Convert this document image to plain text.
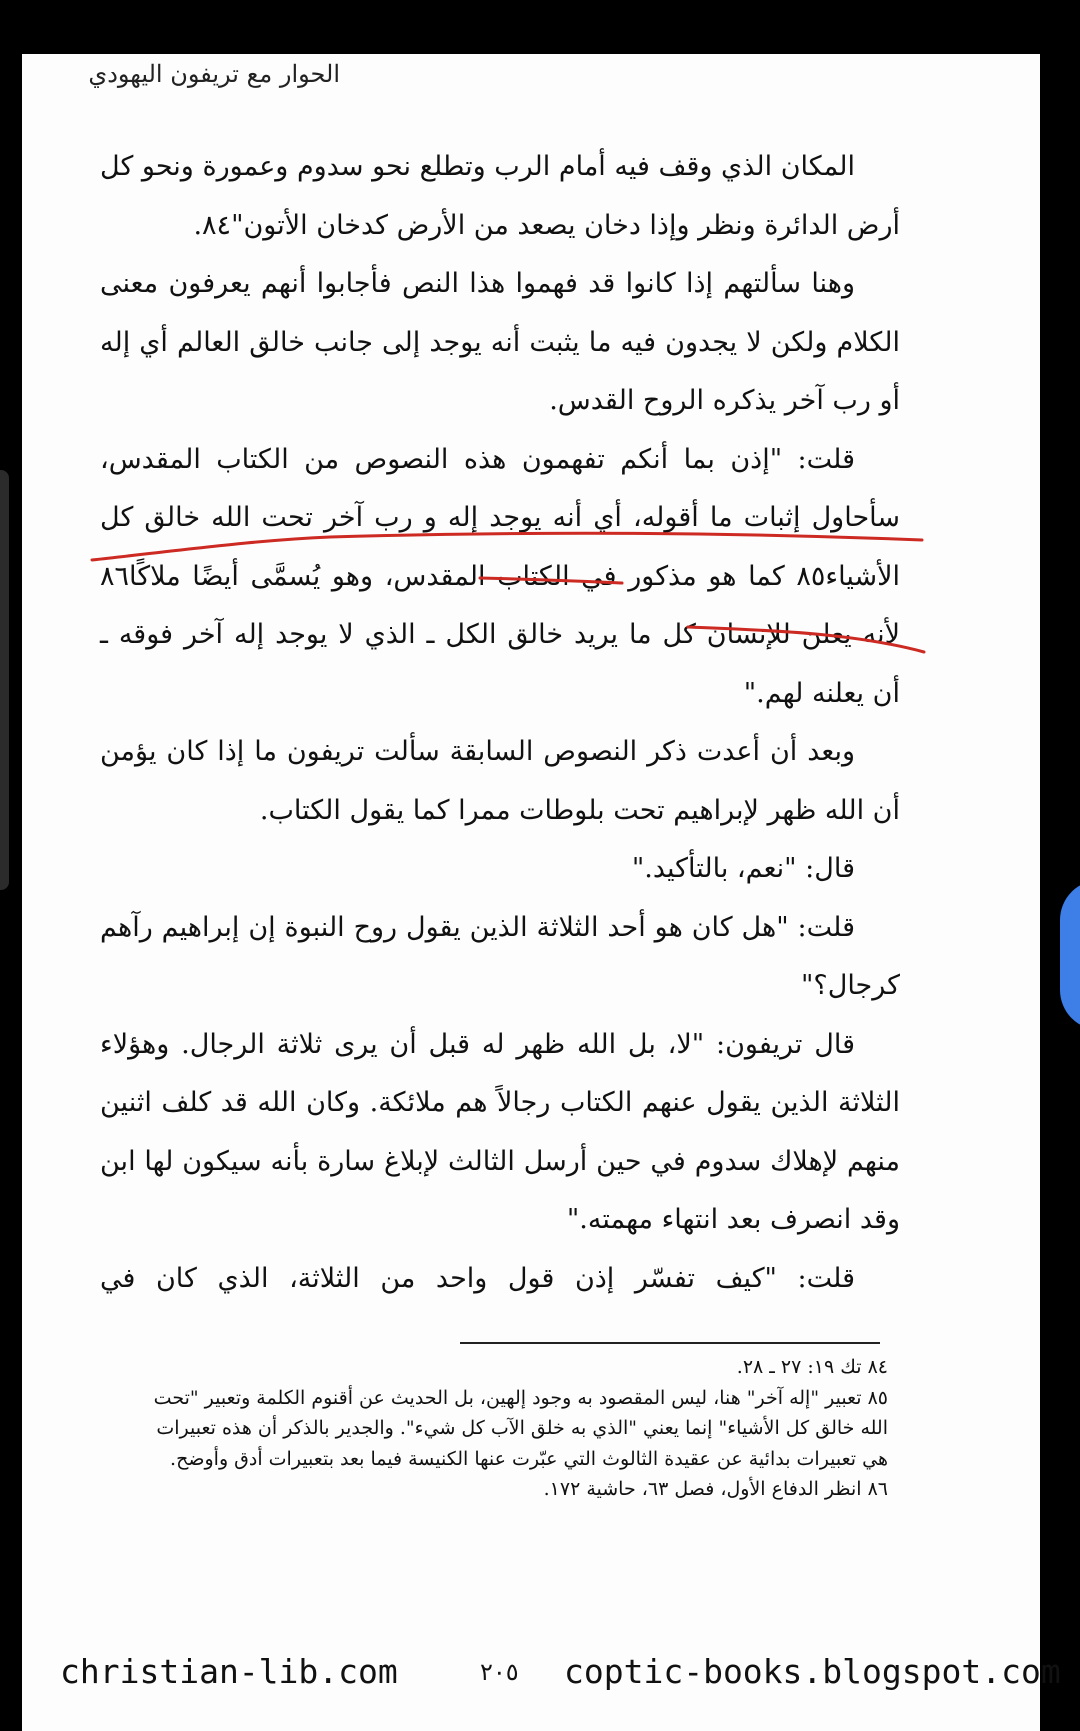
الحوار مع تريفون اليهودي

المكان الذي وقف فيه أمام الرب وتطلع نحو سدوم وعمورة ونحو كل أرض الدائرة ونظر وإذا دخان يصعد من الأرض كدخان الأتون"٨٤.

وهنا سألتهم إذا كانوا قد فهموا هذا النص فأجابوا أنهم يعرفون معنى الكلام ولكن لا يجدون فيه ما يثبت أنه يوجد إلى جانب خالق العالم أي إله أو رب آخر يذكره الروح القدس.

قلت: "إذن بما أنكم تفهمون هذه النصوص من الكتاب المقدس، سأحاول إثبات ما أقوله، أي أنه يوجد إله و رب آخر تحت الله خالق كل الأشياء٨٥ كما هو مذكور في الكتاب المقدس، وهو يُسمَّى أيضًا ملاكًا٨٦ لأنه يعلن للإنسان كل ما يريد خالق الكل ـ الذي لا يوجد إله آخر فوقه ـ أن يعلنه لهم."

وبعد أن أعدت ذكر النصوص السابقة سألت تريفون ما إذا كان يؤمن أن الله ظهر لإبراهيم تحت بلوطات ممرا كما يقول الكتاب.

قال: "نعم، بالتأكيد."

قلت: "هل كان هو أحد الثلاثة الذين يقول روح النبوة إن إبراهيم رآهم كرجال؟"

قال تريفون: "لا، بل الله ظهر له قبل أن يرى ثلاثة الرجال. وهؤلاء الثلاثة الذين يقول عنهم الكتاب رجالاً هم ملائكة. وكان الله قد كلف اثنين منهم لإهلاك سدوم في حين أرسل الثالث لإبلاغ سارة بأنه سيكون لها ابن وقد انصرف بعد انتهاء مهمته."

قلت: "كيف تفسّر إذن قول واحد من الثلاثة، الذي كان في

٨٤ تك ١٩: ٢٧ ـ ٢٨.

٨٥ تعبير "إله آخر" هنا، ليس المقصود به وجود إلهين، بل الحديث عن أقنوم الكلمة وتعبير "تحت الله خالق كل الأشياء" إنما يعني "الذي به خلق الآب كل شيء". والجدير بالذكر أن هذه تعبيرات هي تعبيرات بدائية عن عقيدة الثالوث التي عبّرت عنها الكنيسة فيما بعد بتعبيرات أدق وأوضح.

٨٦ انظر الدفاع الأول، فصل ٦٣، حاشية ١٧٢.

christian-lib.com	٢٠٥ coptic-books.blogspot.com
